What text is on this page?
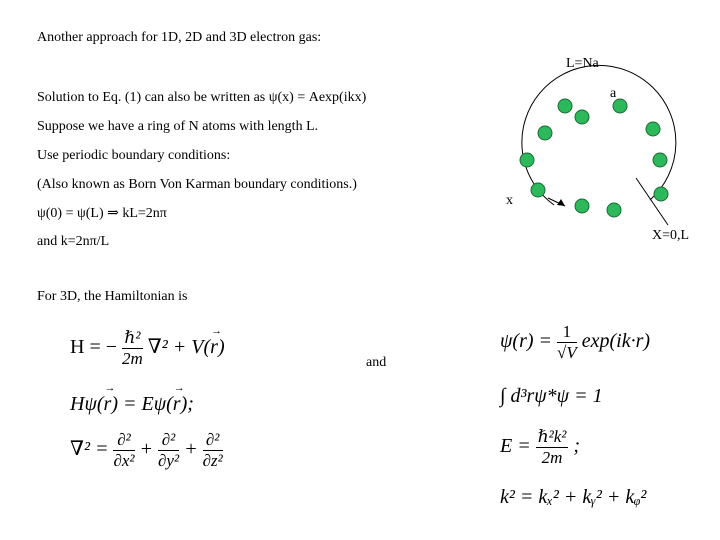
Another approach for 1D, 2D and 3D electron gas:
Solution to Eq. (1) can also be written as ψ(x) = Aexp(ikx)
Suppose we have a ring of N atoms with length L.
Use periodic boundary conditions:
(Also known as Born Von Karman boundary conditions.)
ψ(0) = ψ(L) ⇒ kL=2nπ
and k=2nπ/L
For 3D, the Hamiltonian is
and
L=Na
a
x
X=0,L
H = − $\frac{\text{ℏ²}}{2m} \nabla^2 + V(\to r)$
Hψ(→ r) = Eψ(→ r);
$\nabla^2 = \frac{\text{∂²}}{\text{∂x²}} + \frac{\text{∂²}}{\text{∂y²}} + \frac{\text{∂²}}{\text{∂z²}}$
$\psi(r) = \frac{1}{√V} \exp(ik\cdot r)$
∫ d³rψ*ψ = 1
$E = \frac{\text{ℏ²k²}}{2m}$ ;
k² = kₓ² + kᵧ² + kᵩ²
